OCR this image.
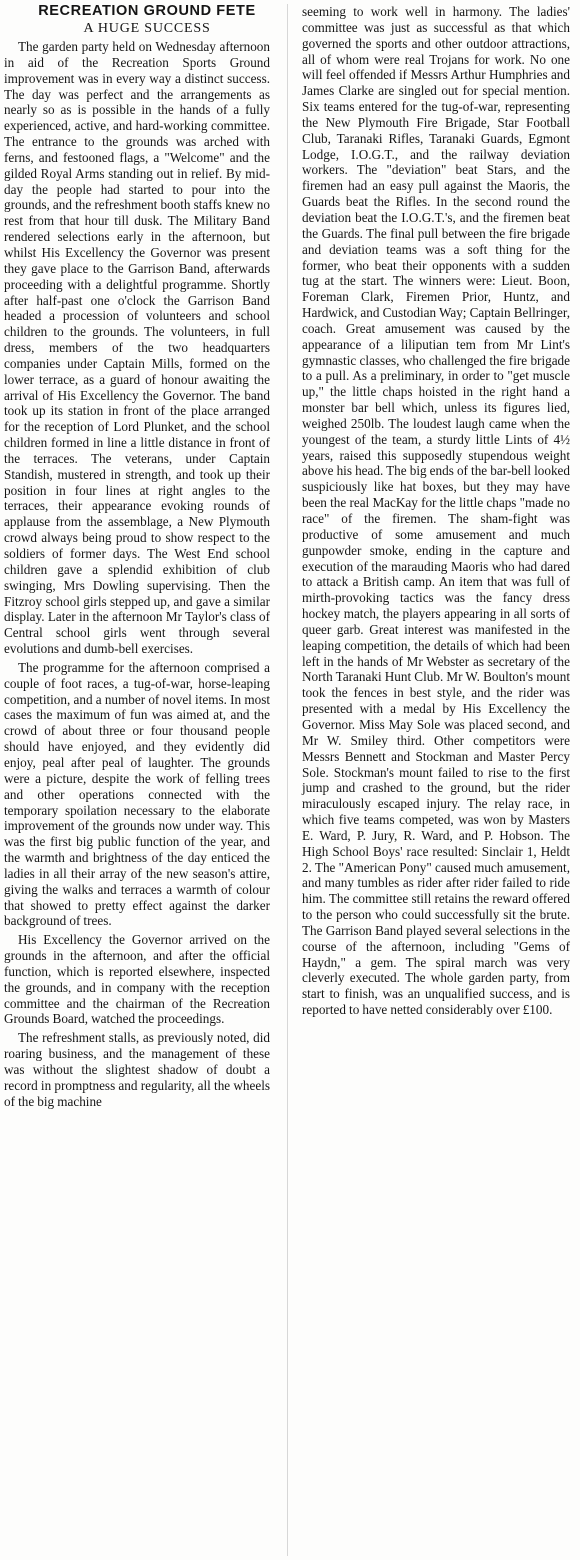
RECREATION GROUND FETE
A HUGE SUCCESS

The garden party held on Wednesday afternoon in aid of the Recreation Sports Ground improvement was in every way a distinct success. The day was perfect and the arrangements as nearly so as is possible in the hands of a fully experienced, active, and hard-working committee. The entrance to the grounds was arched with ferns, and festooned flags, a "Welcome" and the gilded Royal Arms standing out in relief. By mid-day the people had started to pour into the grounds, and the refreshment booth staffs knew no rest from that hour till dusk. The Military Band rendered selections early in the afternoon, but whilst His Excellency the Governor was present they gave place to the Garrison Band, afterwards proceeding with a delightful programme. Shortly after half-past one o'clock the Garrison Band headed a procession of volunteers and school children to the grounds. The volunteers, in full dress, members of the two headquarters companies under Captain Mills, formed on the lower terrace, as a guard of honour awaiting the arrival of His Excellency the Governor. The band took up its station in front of the place arranged for the reception of Lord Plunket, and the school children formed in line a little distance in front of the terraces. The veterans, under Captain Standish, mustered in strength, and took up their position in four lines at right angles to the terraces, their appearance evoking rounds of applause from the assemblage, a New Plymouth crowd always being proud to show respect to the soldiers of former days. The West End school children gave a splendid exhibition of club swinging, Mrs Dowling supervising. Then the Fitzroy school girls stepped up, and gave a similar display. Later in the afternoon Mr Taylor's class of Central school girls went through several evolutions and dumb-bell exercises.

The programme for the afternoon comprised a couple of foot races, a tug-of-war, horse-leaping competition, and a number of novel items. In most cases the maximum of fun was aimed at, and the crowd of about three or four thousand people should have enjoyed, and they evidently did enjoy, peal after peal of laughter. The grounds were a picture, despite the work of felling trees and other operations connected with the temporary spoilation necessary to the elaborate improvement of the grounds now under way. This was the first big public function of the year, and the warmth and brightness of the day enticed the ladies in all their array of the new season's attire, giving the walks and terraces a warmth of colour that showed to pretty effect against the darker background of trees.

His Excellency the Governor arrived on the grounds in the afternoon, and after the official function, which is reported elsewhere, inspected the grounds, and in company with the reception committee and the chairman of the Recreation Grounds Board, watched the proceedings.

The refreshment stalls, as previously noted, did roaring business, and the management of these was without the slightest shadow of doubt a record in promptness and regularity, all the wheels of the big machine

seeming to work well in harmony. The ladies' committee was just as successful as that which governed the sports and other outdoor attractions, all of whom were real Trojans for work. No one will feel offended if Messrs Arthur Humphries and James Clarke are singled out for special mention. Six teams entered for the tug-of-war, representing the New Plymouth Fire Brigade, Star Football Club, Taranaki Rifles, Taranaki Guards, Egmont Lodge, I.O.G.T., and the railway deviation workers. The "deviation" beat Stars, and the firemen had an easy pull against the Maoris, the Guards beat the Rifles. In the second round the deviation beat the I.O.G.T.'s, and the firemen beat the Guards. The final pull between the fire brigade and deviation teams was a soft thing for the former, who beat their opponents with a sudden tug at the start. The winners were: Lieut. Boon, Foreman Clark, Firemen Prior, Huntz, and Hardwick, and Custodian Way; Captain Bellringer, coach. Great amusement was caused by the appearance of a liliputian tem from Mr Lint's gymnastic classes, who challenged the fire brigade to a pull. As a preliminary, in order to "get muscle up," the little chaps hoisted in the right hand a monster bar bell which, unless its figures lied, weighed 250lb. The loudest laugh came when the youngest of the team, a sturdy little Lints of 4½ years, raised this supposedly stupendous weight above his head. The big ends of the bar-bell looked suspiciously like hat boxes, but they may have been the real MacKay for the little chaps "made no race" of the firemen. The sham-fight was productive of some amusement and much gunpowder smoke, ending in the capture and execution of the marauding Maoris who had dared to attack a British camp. An item that was full of mirth-provoking tactics was the fancy dress hockey match, the players appearing in all sorts of queer garb. Great interest was manifested in the leaping competition, the details of which had been left in the hands of Mr Webster as secretary of the North Taranaki Hunt Club. Mr W. Boulton's mount took the fences in best style, and the rider was presented with a medal by His Excellency the Governor. Miss May Sole was placed second, and Mr W. Smiley third. Other competitors were Messrs Bennett and Stockman and Master Percy Sole. Stockman's mount failed to rise to the first jump and crashed to the ground, but the rider miraculously escaped injury. The relay race, in which five teams competed, was won by Masters E. Ward, P. Jury, R. Ward, and P. Hobson. The High School Boys' race resulted: Sinclair 1, Heldt 2. The "American Pony" caused much amusement, and many tumbles as rider after rider failed to ride him. The committee still retains the reward offered to the person who could successfully sit the brute. The Garrison Band played several selections in the course of the afternoon, including "Gems of Haydn," a gem. The spiral march was very cleverly executed. The whole garden party, from start to finish, was an unqualified success, and is reported to have netted considerably over £100.
